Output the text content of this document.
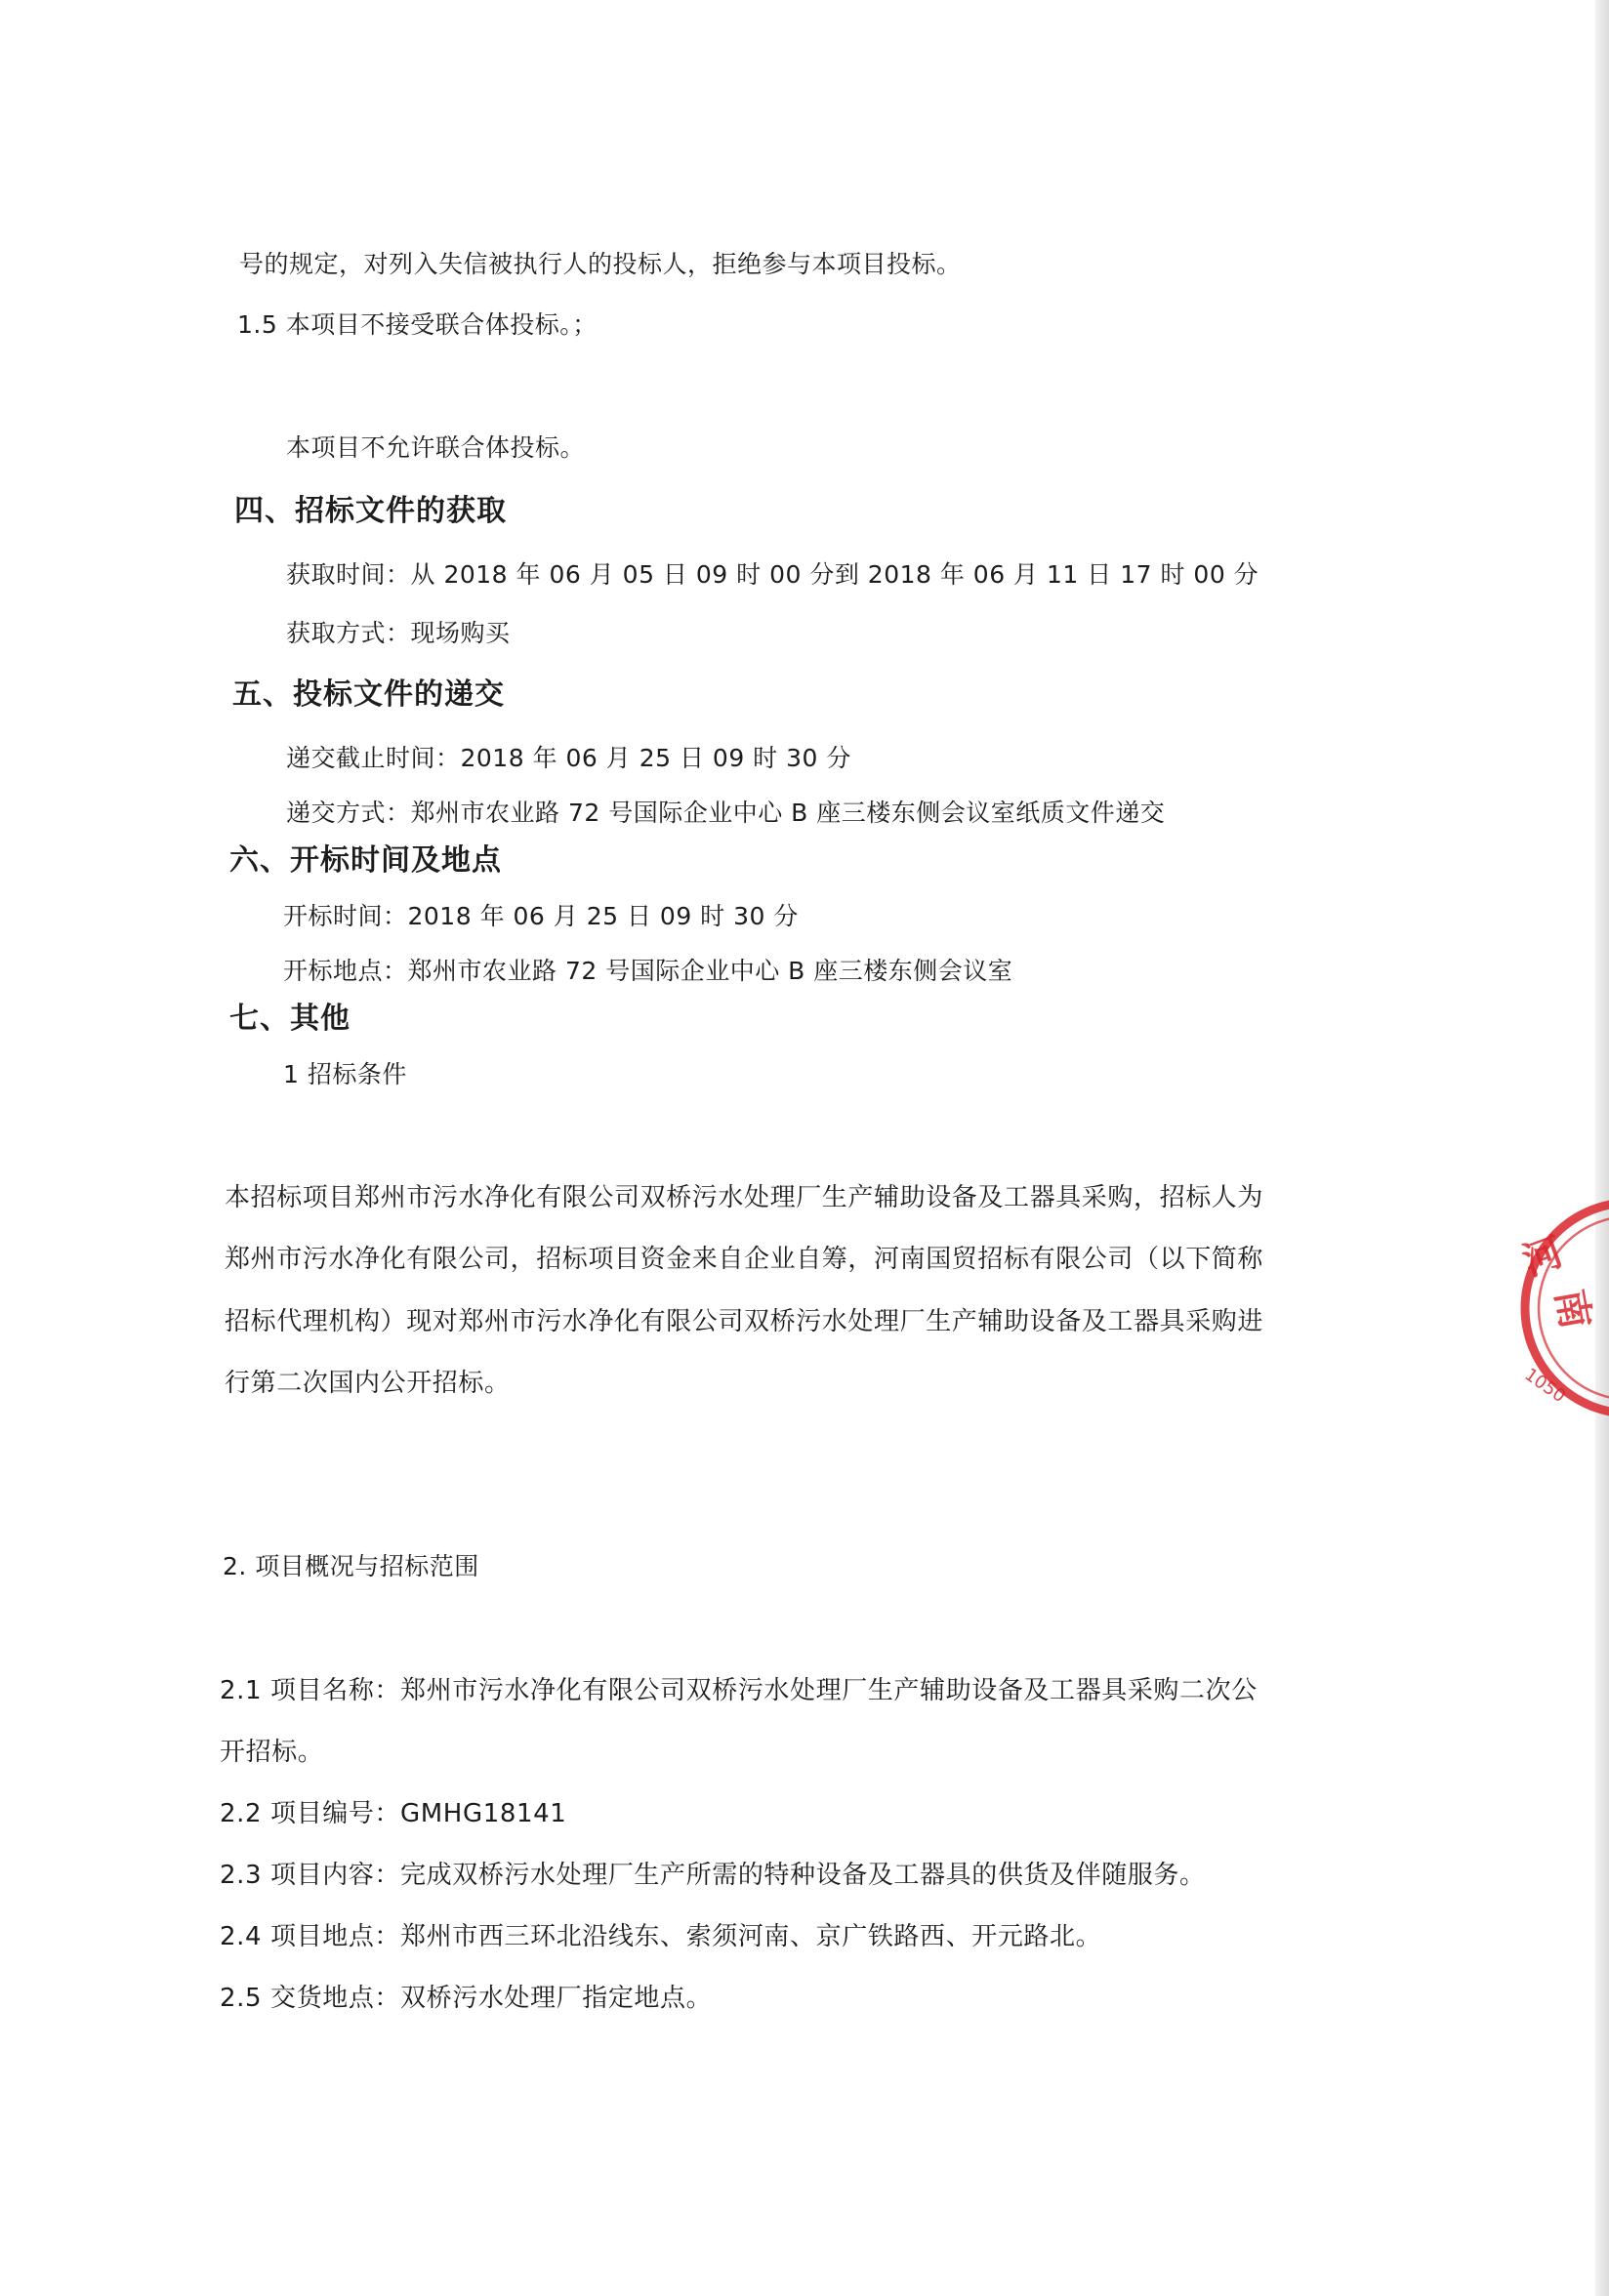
号的规定，对列入失信被执行人的投标人，拒绝参与本项目投标。
1.5 本项目不接受联合体投标。；
本项目不允许联合体投标。
四、招标文件的获取
获取时间：从 2018 年 06 月 05 日 09 时 00 分到 2018 年 06 月 11 日 17 时 00 分
获取方式：现场购买
五、投标文件的递交
递交截止时间：2018 年 06 月 25 日 09 时 30 分
递交方式：郑州市农业路 72 号国际企业中心 B 座三楼东侧会议室纸质文件递交
六、开标时间及地点
开标时间：2018 年 06 月 25 日 09 时 30 分
开标地点：郑州市农业路 72 号国际企业中心 B 座三楼东侧会议室
七、其他
1 招标条件
本招标项目郑州市污水净化有限公司双桥污水处理厂生产辅助设备及工器具采购，招标人为
郑州市污水净化有限公司，招标项目资金来自企业自筹，河南国贸招标有限公司（以下简称
招标代理机构）现对郑州市污水净化有限公司双桥污水处理厂生产辅助设备及工器具采购进
行第二次国内公开招标。
2. 项目概况与招标范围
2.1 项目名称：郑州市污水净化有限公司双桥污水处理厂生产辅助设备及工器具采购二次公
开招标。
2.2 项目编号：GMHG18141
2.3 项目内容：完成双桥污水处理厂生产所需的特种设备及工器具的供货及伴随服务。
2.4 项目地点：郑州市西三环北沿线东、索须河南、京广铁路西、开元路北。
2.5 交货地点：双桥污水处理厂指定地点。
河
南
1050
